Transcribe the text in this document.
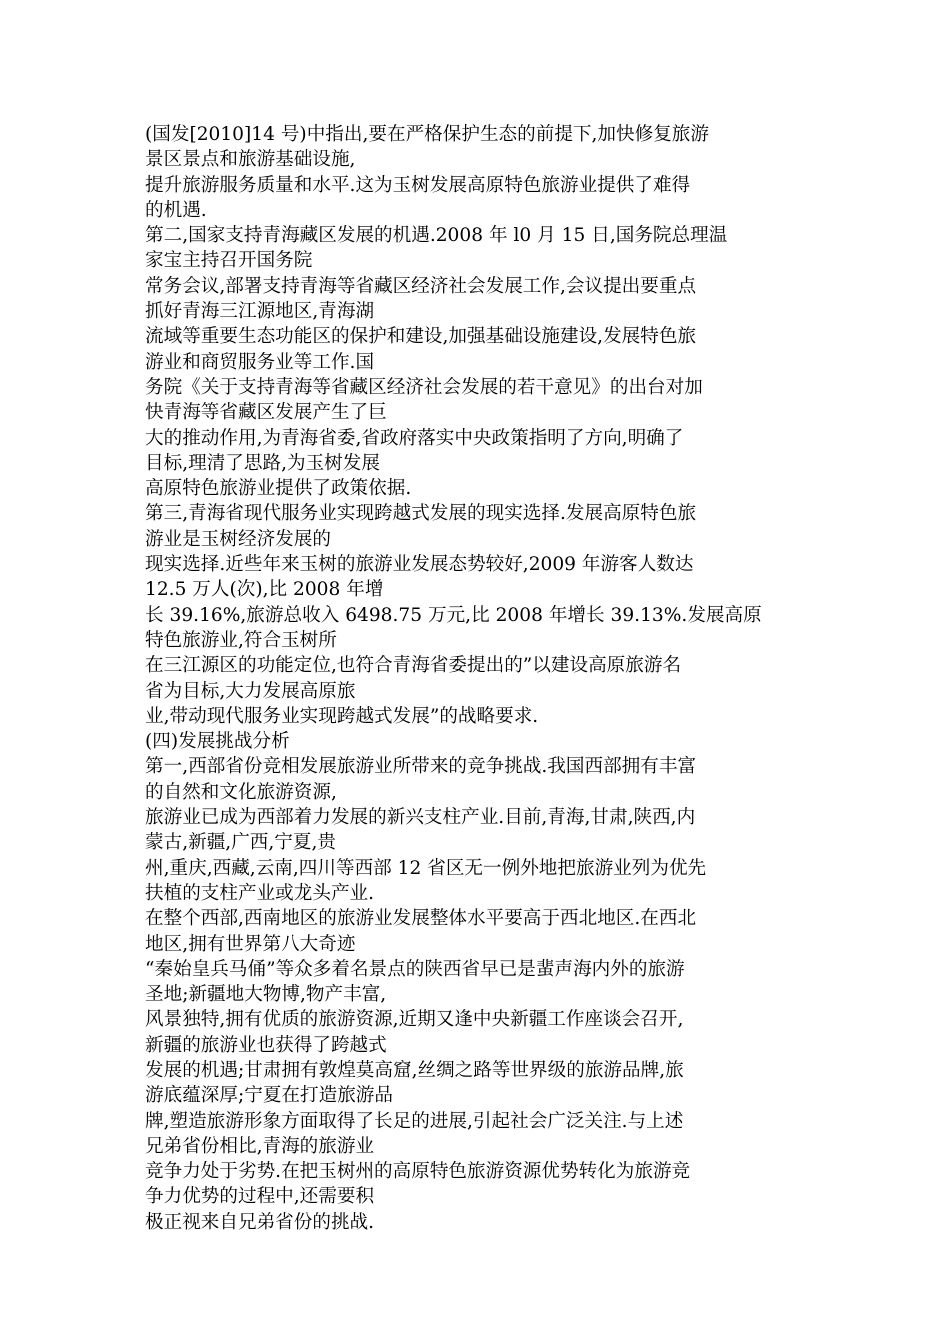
(国发[2010]14 号)中指出,要在严格保护生态的前提下,加快修复旅游
景区景点和旅游基础设施,
提升旅游服务质量和水平.这为玉树发展高原特色旅游业提供了难得
的机遇.
第二,国家支持青海藏区发展的机遇.2008 年 l0 月 15 日,国务院总理温
家宝主持召开国务院
常务会议,部署支持青海等省藏区经济社会发展工作,会议提出要重点
抓好青海三江源地区,青海湖
流域等重要生态功能区的保护和建设,加强基础设施建设,发展特色旅
游业和商贸服务业等工作.国
务院《关于支持青海等省藏区经济社会发展的若干意见》的出台对加
快青海等省藏区发展产生了巨
大的推动作用,为青海省委,省政府落实中央政策指明了方向,明确了
目标,理清了思路,为玉树发展
高原特色旅游业提供了政策依据.
第三,青海省现代服务业实现跨越式发展的现实选择.发展高原特色旅
游业是玉树经济发展的
现实选择.近些年来玉树的旅游业发展态势较好,2009 年游客人数达
12.5 万人(次),比 2008 年增
长 39.16%,旅游总收入 6498.75 万元,比 2008 年增长 39.13%.发展高原
特色旅游业,符合玉树所
在三江源区的功能定位,也符合青海省委提出的”以建设高原旅游名
省为目标,大力发展高原旅
业,带动现代服务业实现跨越式发展”的战略要求.
(四)发展挑战分析
第一,西部省份竞相发展旅游业所带来的竞争挑战.我国西部拥有丰富
的自然和文化旅游资源,
旅游业已成为西部着力发展的新兴支柱产业.目前,青海,甘肃,陕西,内
蒙古,新疆,广西,宁夏,贵
州,重庆,西藏,云南,四川等西部 12 省区无一例外地把旅游业列为优先
扶植的支柱产业或龙头产业.
在整个西部,西南地区的旅游业发展整体水平要高于西北地区.在西北
地区,拥有世界第八大奇迹
“秦始皇兵马俑”等众多着名景点的陕西省早已是蜚声海内外的旅游
圣地;新疆地大物博,物产丰富,
风景独特,拥有优质的旅游资源,近期又逢中央新疆工作座谈会召开,
新疆的旅游业也获得了跨越式
发展的机遇;甘肃拥有敦煌莫高窟,丝绸之路等世界级的旅游品牌,旅
游底蕴深厚;宁夏在打造旅游品
牌,塑造旅游形象方面取得了长足的进展,引起社会广泛关注.与上述
兄弟省份相比,青海的旅游业
竞争力处于劣势.在把玉树州的高原特色旅游资源优势转化为旅游竞
争力优势的过程中,还需要积
极正视来自兄弟省份的挑战.
